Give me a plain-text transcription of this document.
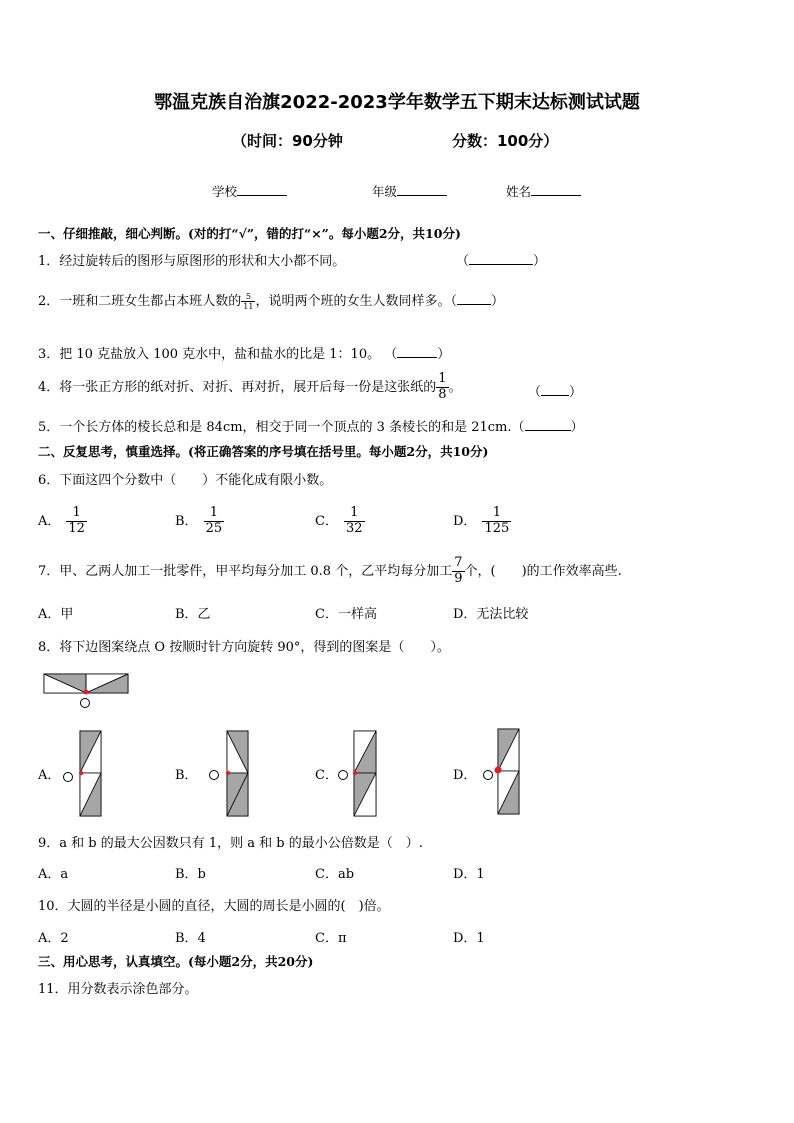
鄂温克族自治旗2022-2023学年数学五下期末达标测试试题
（时间：90分钟	分数：100分）
学校	年级	姓名
一、仔细推敲，细心判断。(对的打“√”，错的打“×”。每小题2分，共10分)
1．经过旋转后的图形与原图形的形状和大小都不同。	（	）
2．一班和二班女生都占本班人数的 $\frac{5}{11}$ ，说明两个班的女生人数同样多。（	）
3．把 10 克盐放入 100 克水中，盐和盐水的比是 1：10。 （	）
4．将一张正方形的纸对折、对折、再对折，展开后每一份是这张纸的 $\frac{1}{8}$ 。	（ ）
5．一个长方体的棱长总和是 84cm，相交于同一个顶点的 3 条棱长的和是 21cm.（	）
二、反复思考，慎重选择。(将正确答案的序号填在括号里。每小题2分，共10分)
6．下面这四个分数中（　　）不能化成有限小数。
A． $\frac{1}{12}$	B． $\frac{1}{25}$	C． $\frac{1}{32}$	D． $\frac{1}{125}$
7．甲、乙两人加工一批零件，甲平均每分加工 0.8 个，乙平均每分加工 $\frac{7}{9}$ 个，(　　)的工作效率高些.
A．甲	B．乙	C．一样高	D．无法比较
8．将下边图案绕点 O 按顺时针方向旋转 90°，得到的图案是（　　）。
A．	B．	C．	D．
9．a 和 b 的最大公因数只有 1，则 a 和 b 的最小公倍数是（　）.
A．a	B．b	C．ab	D．1
10．大圆的半径是小圆的直径，大圆的周长是小圆的(　)倍。
A．2	B．4	C．π	D．1
三、用心思考，认真填空。(每小题2分，共20分)
11．用分数表示涂色部分。
